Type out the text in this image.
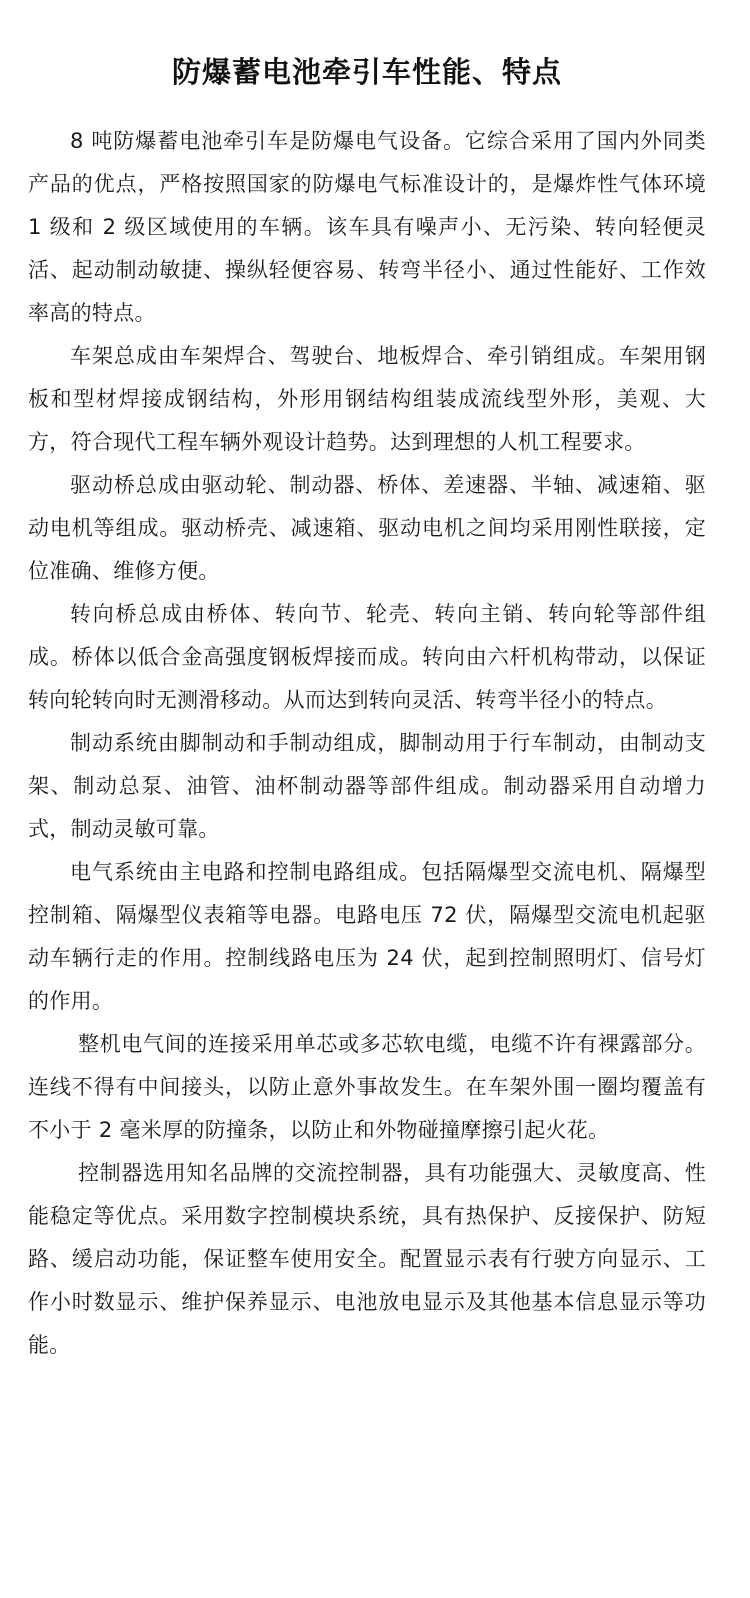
防爆蓄电池牵引车性能、特点

8 吨防爆蓄电池牵引车是防爆电气设备。它综合采用了国内外同类产品的优点，严格按照国家的防爆电气标准设计的，是爆炸性气体环境 1 级和 2 级区域使用的车辆。该车具有噪声小、无污染、转向轻便灵活、起动制动敏捷、操纵轻便容易、转弯半径小、通过性能好、工作效率高的特点。

车架总成由车架焊合、驾驶台、地板焊合、牵引销组成。车架用钢板和型材焊接成钢结构，外形用钢结构组装成流线型外形，美观、大方，符合现代工程车辆外观设计趋势。达到理想的人机工程要求。

驱动桥总成由驱动轮、制动器、桥体、差速器、半轴、减速箱、驱动电机等组成。驱动桥壳、减速箱、驱动电机之间均采用刚性联接，定位准确、维修方便。

转向桥总成由桥体、转向节、轮壳、转向主销、转向轮等部件组成。桥体以低合金高强度钢板焊接而成。转向由六杆机构带动，以保证转向轮转向时无测滑移动。从而达到转向灵活、转弯半径小的特点。

制动系统由脚制动和手制动组成，脚制动用于行车制动，由制动支架、制动总泵、油管、油杯制动器等部件组成。制动器采用自动增力式，制动灵敏可靠。

电气系统由主电路和控制电路组成。包括隔爆型交流电机、隔爆型控制箱、隔爆型仪表箱等电器。电路电压 72 伏，隔爆型交流电机起驱动车辆行走的作用。控制线路电压为 24 伏，起到控制照明灯、信号灯的作用。

整机电气间的连接采用单芯或多芯软电缆，电缆不许有裸露部分。连线不得有中间接头，以防止意外事故发生。在车架外围一圈均覆盖有不小于 2 毫米厚的防撞条，以防止和外物碰撞摩擦引起火花。

控制器选用知名品牌的交流控制器，具有功能强大、灵敏度高、性能稳定等优点。采用数字控制模块系统，具有热保护、反接保护、防短路、缓启动功能，保证整车使用安全。配置显示表有行驶方向显示、工作小时数显示、维护保养显示、电池放电显示及其他基本信息显示等功能。
